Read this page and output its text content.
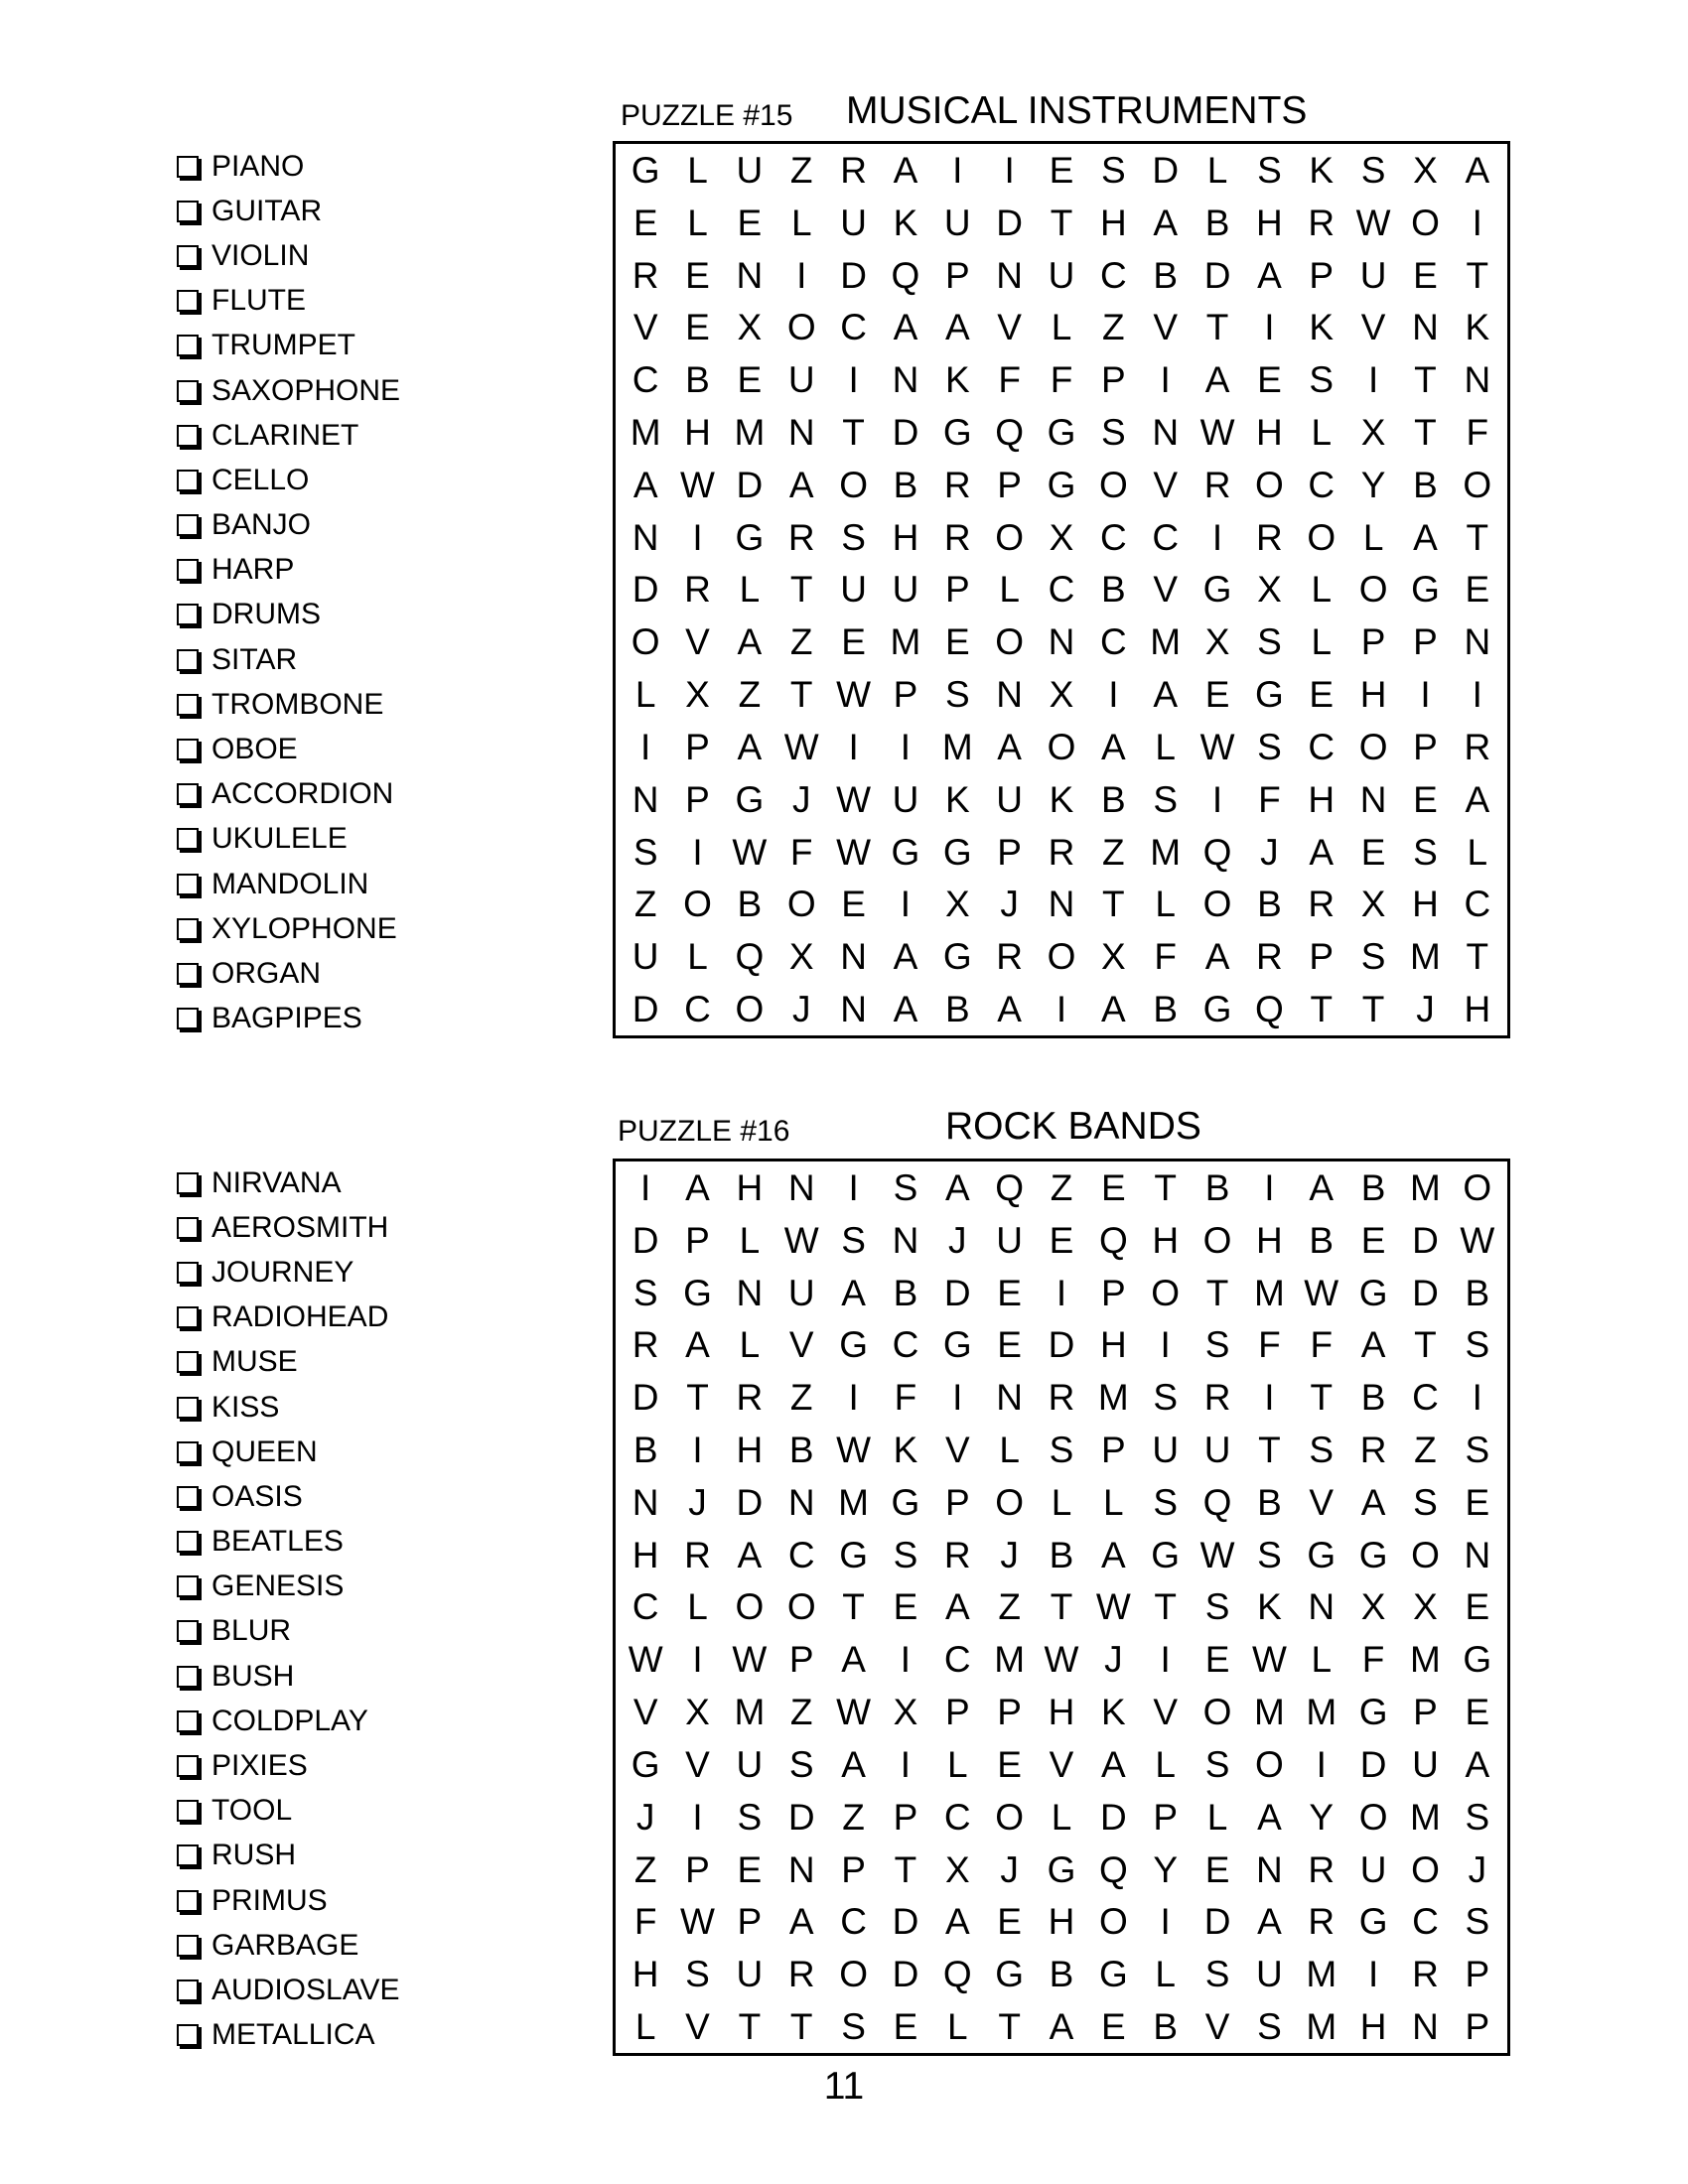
PUZZLE #15 MUSICAL INSTRUMENTS
PIANO
GUITAR
VIOLIN
FLUTE
TRUMPET
SAXOPHONE
CLARINET
CELLO
BANJO
HARP
DRUMS
SITAR
TROMBONE
OBOE
ACCORDION
UKULELE
MANDOLIN
XYLOPHONE
ORGAN
BAGPIPES
G L U Z R A I	I E S D L S K S X A
E L E L U K U D T H A B H R W O I
R E N I D Q P N U C B D A P U E T
V E X O C A A V L Z V T I K V N K
C B E U I N K F F P I A E S I T N
M H M N T D G Q G S N W H L X T F
A W D A O B R P G O V R O C Y B O
N I G R S H R O X C C I R O L A T
D R L T U U P L C B V G X L O G E
O V A Z E M E O N C M X S L P P N
L X Z T W P S N X I A E G E H I	I
I P A W I	I M A O A L W S C O P R
N P G J W U K U K B S I F H N E A
S I W F W G G P R Z M Q J A E S L
Z O B O E I X J N T L O B R X H C
U L Q X N A G R O X F A R P S M T
D C O J N A B A I A B G Q T T J H
PUZZLE #16	ROCK BANDS
NIRVANA
AEROSMITH
JOURNEY
RADIOHEAD
MUSE
KISS
QUEEN
OASIS
BEATLES
GENESIS
BLUR
BUSH
COLDPLAY
PIXIES
TOOL
RUSH
PRIMUS
GARBAGE
AUDIOSLAVE
METALLICA
I A H N I S A Q Z E T B I A B M O
D P L W S N J U E Q H O H B E D W
S G N U A B D E I P O T M W G D B
R A L V G C G E D H I S F F A T S
D T R Z I F I N R M S R I T B C I
B I H B W K V L S P U U T S R Z S
N J D N M G P O L L S Q B V A S E
H R A C G S R J B A G W S G G O N
C L O O T E A Z T W T S K N X X E
W I W P A I C M W J	I E W L F M G
V X M Z W X P P H K V O M M G P E
G V U S A I L E V A L S O I D U A
J	I S D Z P C O L D P L A Y O M S
Z P E N P T X J G Q Y E N R U O J
F W P A C D A E H O I D A R G C S
H S U R O D Q G B G L S U M I R P
L V T T S E L T A E B V S M H N P
11
